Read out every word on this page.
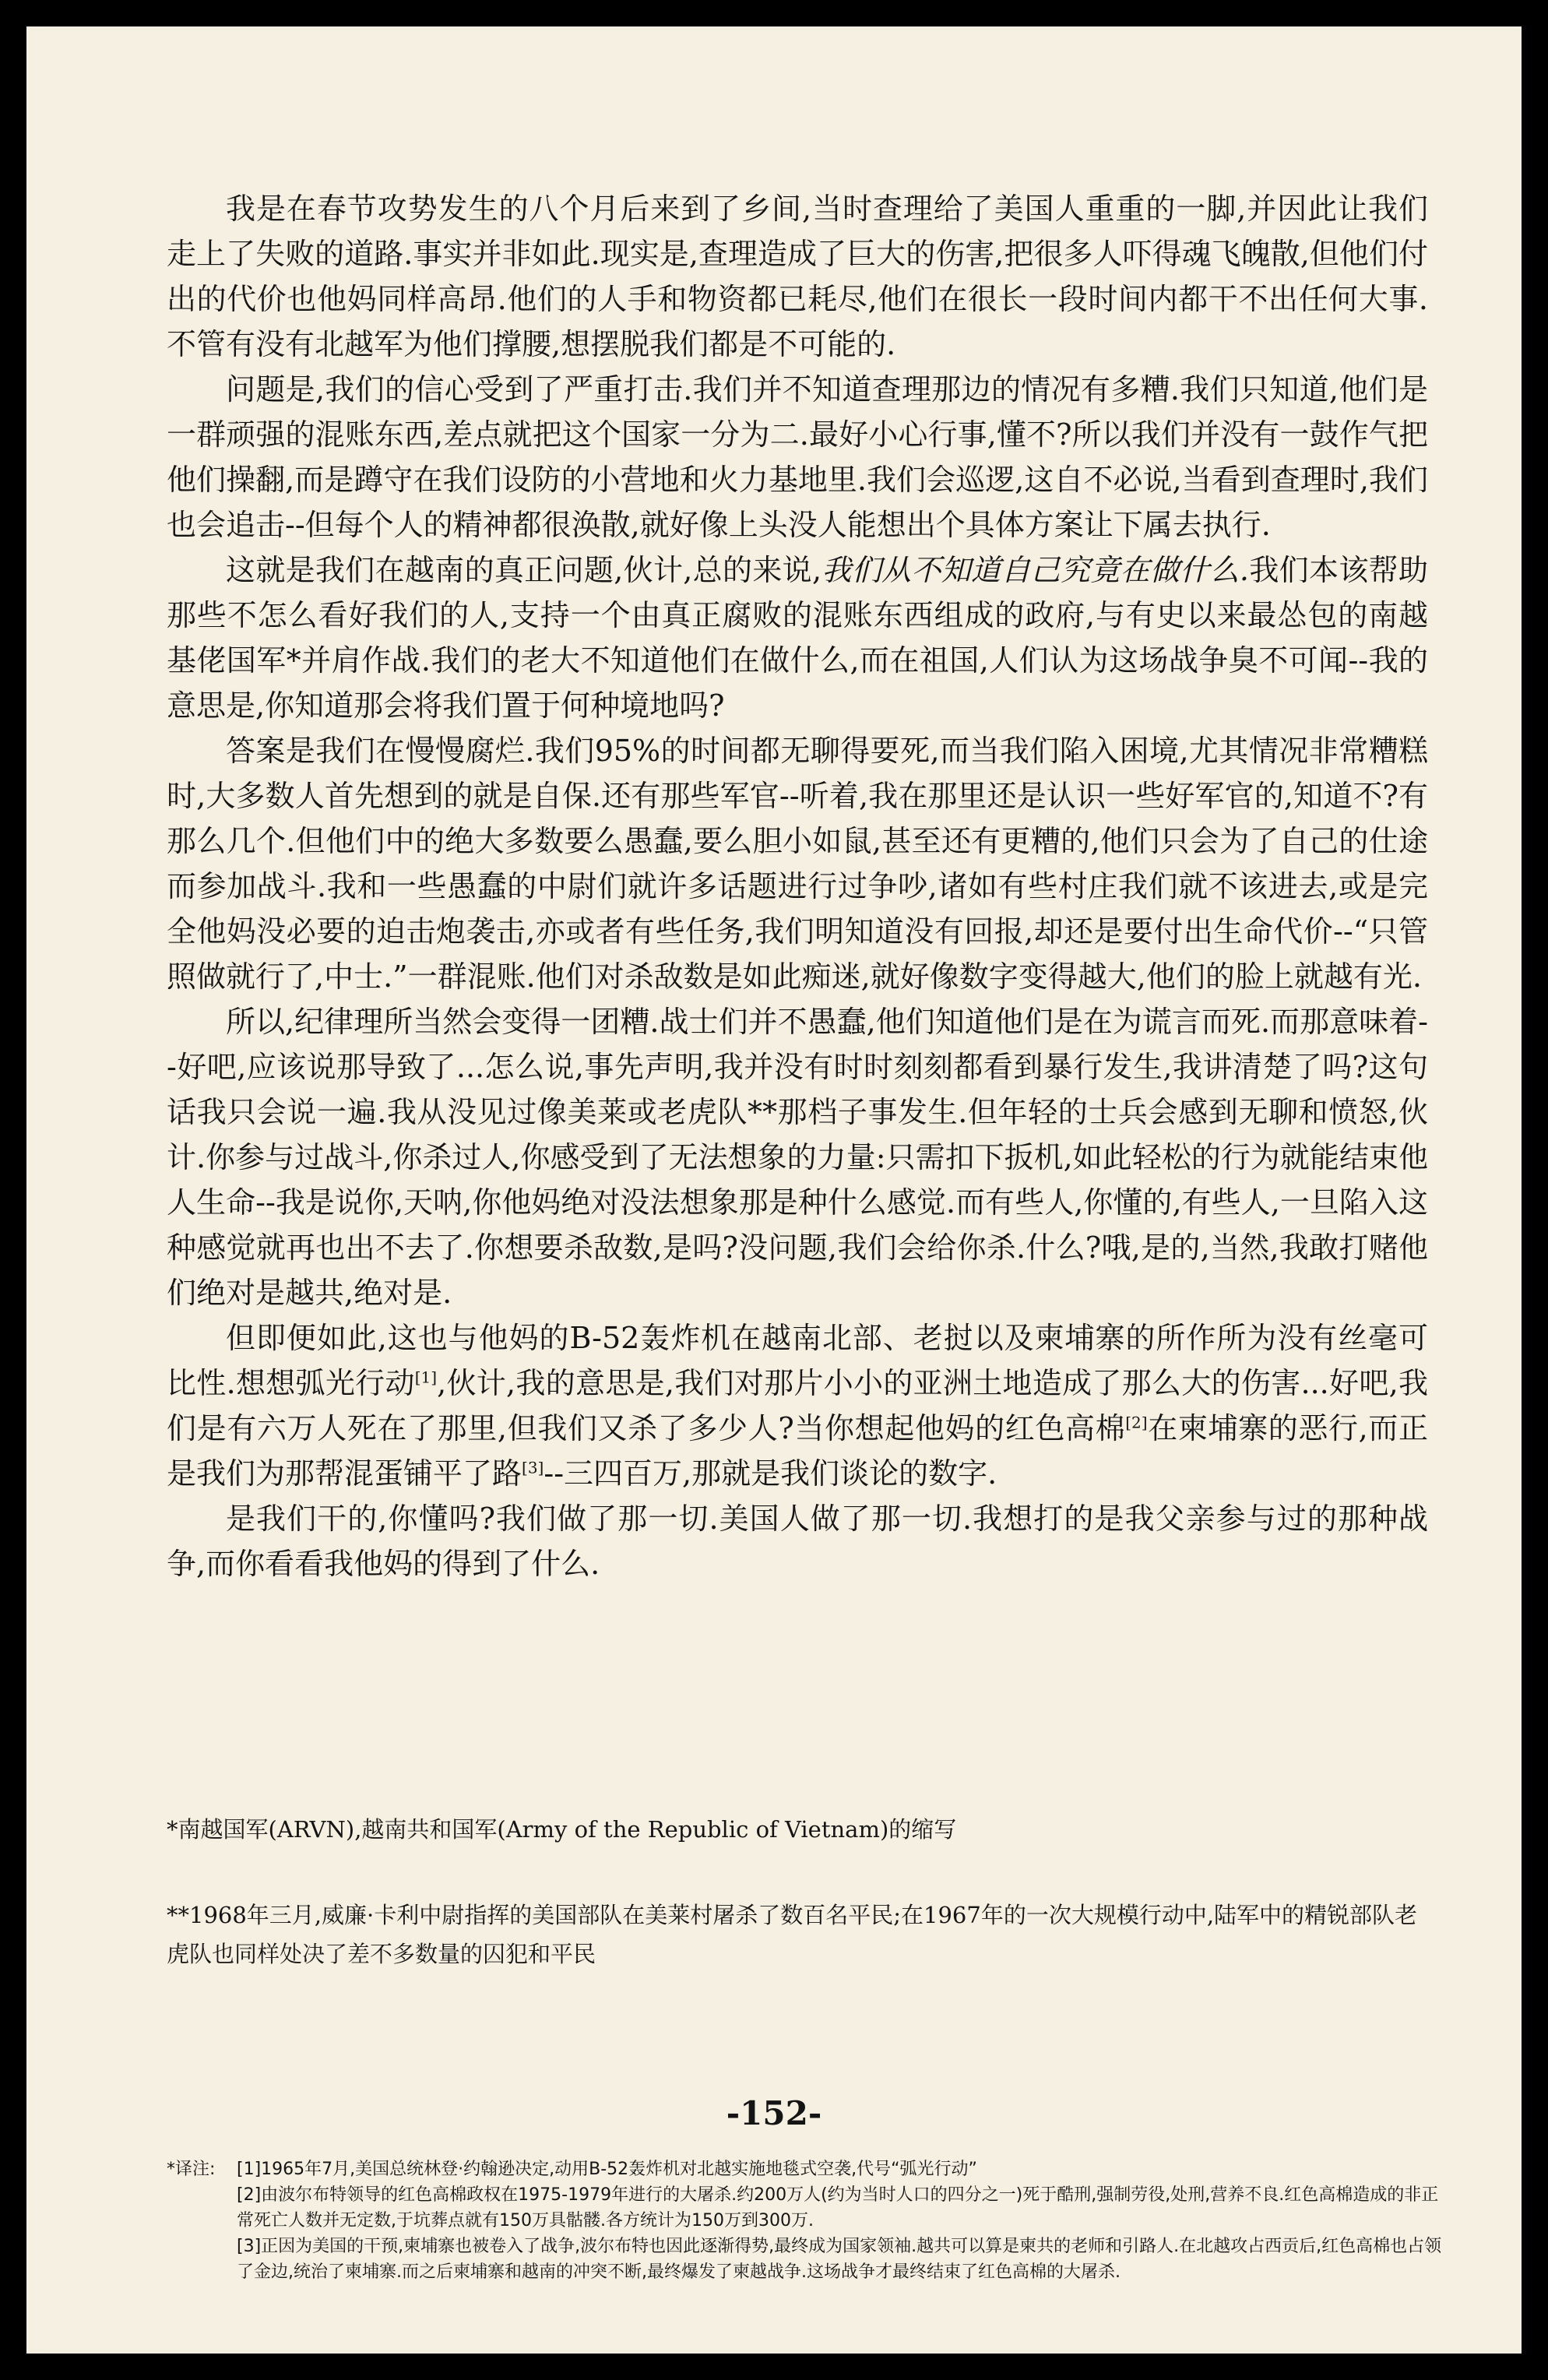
我是在春节攻势发生的八个月后来到了乡间,当时查理给了美国人重重的一脚,并因此让我们走上了失败的道路.事实并非如此.现实是,查理造成了巨大的伤害,把很多人吓得魂飞魄散,但他们付出的代价也他妈同样高昂.他们的人手和物资都已耗尽,他们在很长一段时间内都干不出任何大事.不管有没有北越军为他们撑腰,想摆脱我们都是不可能的.

问题是,我们的信心受到了严重打击.我们并不知道查理那边的情况有多糟.我们只知道,他们是一群顽强的混账东西,差点就把这个国家一分为二.最好小心行事,懂不?所以我们并没有一鼓作气把他们操翻,而是蹲守在我们设防的小营地和火力基地里.我们会巡逻,这自不必说,当看到查理时,我们也会追击--但每个人的精神都很涣散,就好像上头没人能想出个具体方案让下属去执行.

这就是我们在越南的真正问题,伙计,总的来说,我们从不知道自己究竟在做什么.我们本该帮助那些不怎么看好我们的人,支持一个由真正腐败的混账东西组成的政府,与有史以来最怂包的南越基佬国军*并肩作战.我们的老大不知道他们在做什么,而在祖国,人们认为这场战争臭不可闻--我的意思是,你知道那会将我们置于何种境地吗?

答案是我们在慢慢腐烂.我们95%的时间都无聊得要死,而当我们陷入困境,尤其情况非常糟糕时,大多数人首先想到的就是自保.还有那些军官--听着,我在那里还是认识一些好军官的,知道不?有那么几个.但他们中的绝大多数要么愚蠢,要么胆小如鼠,甚至还有更糟的,他们只会为了自己的仕途而参加战斗.我和一些愚蠢的中尉们就许多话题进行过争吵,诸如有些村庄我们就不该进去,或是完全他妈没必要的迫击炮袭击,亦或者有些任务,我们明知道没有回报,却还是要付出生命代价--“只管照做就行了,中士.”一群混账.他们对杀敌数是如此痴迷,就好像数字变得越大,他们的脸上就越有光.

所以,纪律理所当然会变得一团糟.战士们并不愚蠢,他们知道他们是在为谎言而死.而那意味着--好吧,应该说那导致了...怎么说,事先声明,我并没有时时刻刻都看到暴行发生,我讲清楚了吗?这句话我只会说一遍.我从没见过像美莱或老虎队**那档子事发生.但年轻的士兵会感到无聊和愤怒,伙计.你参与过战斗,你杀过人,你感受到了无法想象的力量:只需扣下扳机,如此轻松的行为就能结束他人生命--我是说你,天呐,你他妈绝对没法想象那是种什么感觉.而有些人,你懂的,有些人,一旦陷入这种感觉就再也出不去了.你想要杀敌数,是吗?没问题,我们会给你杀.什么?哦,是的,当然,我敢打赌他们绝对是越共,绝对是.

但即便如此,这也与他妈的B-52轰炸机在越南北部、老挝以及柬埔寨的所作所为没有丝毫可比性.想想弧光行动[1],伙计,我的意思是,我们对那片小小的亚洲土地造成了那么大的伤害...好吧,我们是有六万人死在了那里,但我们又杀了多少人?当你想起他妈的红色高棉[2]在柬埔寨的恶行,而正是我们为那帮混蛋铺平了路[3]--三四百万,那就是我们谈论的数字.

是我们干的,你懂吗?我们做了那一切.美国人做了那一切.我想打的是我父亲参与过的那种战争,而你看看我他妈的得到了什么.

*南越国军(ARVN),越南共和国军(Army of the Republic of Vietnam)的缩写

**1968年三月,威廉·卡利中尉指挥的美国部队在美莱村屠杀了数百名平民;在1967年的一次大规模行动中,陆军中的精锐部队老虎队也同样处决了差不多数量的囚犯和平民

-152-
*译注:	[1]1965年7月,美国总统林登·约翰逊决定,动用B-52轰炸机对北越实施地毯式空袭,代号“弧光行动”
[2]由波尔布特领导的红色高棉政权在1975-1979年进行的大屠杀.约200万人(约为当时人口的四分之一)死于酷刑,强制劳役,处刑,营养不良.红色高棉造成的非正常死亡人数并无定数,于坑葬点就有150万具骷髅.各方统计为150万到300万.
[3]正因为美国的干预,柬埔寨也被卷入了战争,波尔布特也因此逐渐得势,最终成为国家领袖.越共可以算是柬共的老师和引路人.在北越攻占西贡后,红色高棉也占领了金边,统治了柬埔寨.而之后柬埔寨和越南的冲突不断,最终爆发了柬越战争.这场战争才最终结束了红色高棉的大屠杀.
